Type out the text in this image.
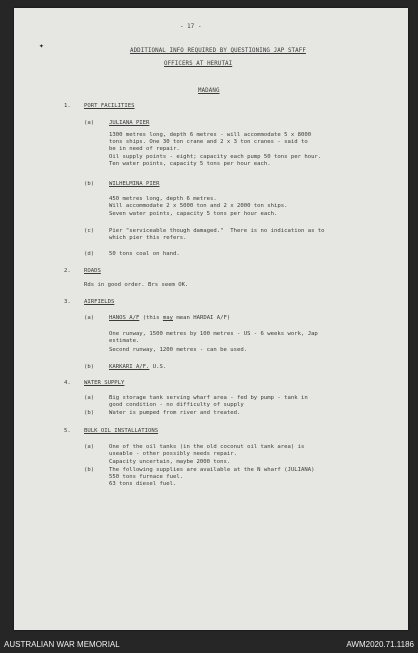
✦
- 17 -
ADDITIONAL INFO REQUIRED BY QUESTIONING JAP STAFF
OFFICERS AT HERUTAI
MADANG
1. PORT FACILITIES
(a)	JULIANA PIER
1300 metres long, depth 6 metres - will accommodate 5 x 8000
tons ships. One 30 ton crane and 2 x 3 ton cranes - said to
be in need of repair.
Oil supply points - eight; capacity each pump 50 tons per hour.
Ten water points, capacity 5 tons per hour each.
(b)	WILHELMINA PIER
450 metres long, depth 6 metres.
Will accommodate 2 x 5000 ton and 2 x 2000 ton ships.
Seven water points, capacity 5 tons per hour each.
(c)	Pier "serviceable though damaged."  There is no indication as to
which pier this refers.
(d)	50 tons coal on hand.
2. ROADS
Rds in good order. Brs seem OK.
3. AIRFIELDS
(a)	HANOS A/F (this may mean HARDAI A/F)
One runway, 1500 metres by 100 metres - US - 6 weeks work, Jap
estimate.
Second runway, 1200 metres - can be used.
(b)	KARKARI A/F. U.S.
4. WATER SUPPLY
(a)	Big storage tank serving wharf area - fed by pump - tank in
good condition - no difficulty of supply
(b)	Water is pumped from river and treated.
5. BULK OIL INSTALLATIONS
(a)	One of the oil tanks (in the old coconut oil tank area) is
useable - other possibly needs repair.
Capacity uncertain, maybe 2000 tons.
(b)	The following supplies are available at the N wharf (JULIANA)
550 tons furnace fuel.
63 tons diesel fuel.
AUSTRALIAN WAR MEMORIAL	AWM2020.71.1186
